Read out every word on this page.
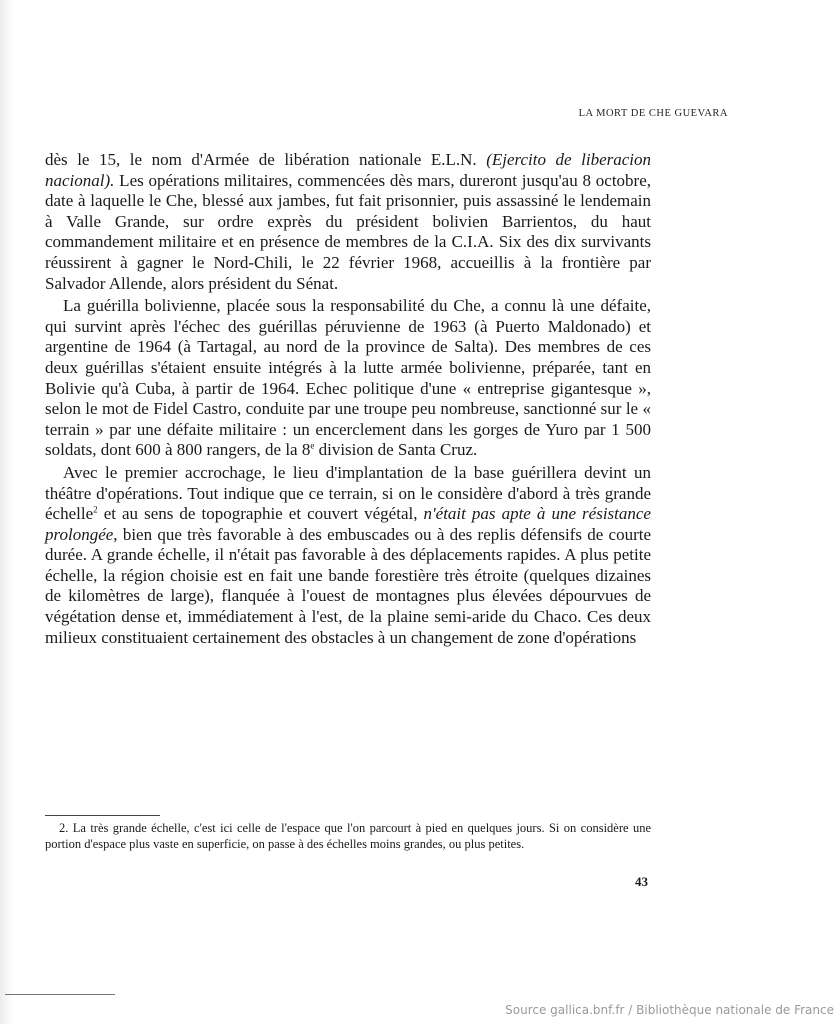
LA MORT DE CHE GUEVARA

dès le 15, le nom d'Armée de libération nationale E.L.N. (Ejercito de liberacion nacional). Les opérations militaires, commencées dès mars, dureront jusqu'au 8 octobre, date à laquelle le Che, blessé aux jambes, fut fait prisonnier, puis assassiné le lendemain à Valle Grande, sur ordre exprès du président bolivien Barrientos, du haut commandement militaire et en présence de membres de la C.I.A. Six des dix survivants réussirent à gagner le Nord-Chili, le 22 février 1968, accueillis à la frontière par Salvador Allende, alors président du Sénat.

La guérilla bolivienne, placée sous la responsabilité du Che, a connu là une défaite, qui survint après l'échec des guérillas péruvienne de 1963 (à Puerto Maldonado) et argentine de 1964 (à Tartagal, au nord de la province de Salta). Des membres de ces deux guérillas s'étaient ensuite intégrés à la lutte armée bolivienne, préparée, tant en Bolivie qu'à Cuba, à partir de 1964. Echec politique d'une « entreprise gigantesque », selon le mot de Fidel Castro, conduite par une troupe peu nombreuse, sanctionné sur le « terrain » par une défaite militaire : un encerclement dans les gorges de Yuro par 1 500 soldats, dont 600 à 800 rangers, de la 8e division de Santa Cruz.

Avec le premier accrochage, le lieu d'implantation de la base guérillera devint un théâtre d'opérations. Tout indique que ce terrain, si on le considère d'abord à très grande échelle$^2$ et au sens de topographie et couvert végétal, n'était pas apte à une résistance prolongée, bien que très favorable à des embuscades ou à des replis défensifs de courte durée. A grande échelle, il n'était pas favorable à des déplacements rapides. A plus petite échelle, la région choisie est en fait une bande forestière très étroite (quelques dizaines de kilomètres de large), flanquée à l'ouest de montagnes plus élevées dépourvues de végétation dense et, immédiatement à l'est, de la plaine semi-aride du Chaco. Ces deux milieux constituaient certainement des obstacles à un changement de zone d'opérations

2. La très grande échelle, c'est ici celle de l'espace que l'on parcourt à pied en quelques jours. Si on considère une portion d'espace plus vaste en superficie, on passe à des échelles moins grandes, ou plus petites.

43
Source gallica.bnf.fr / Bibliothèque nationale de France
